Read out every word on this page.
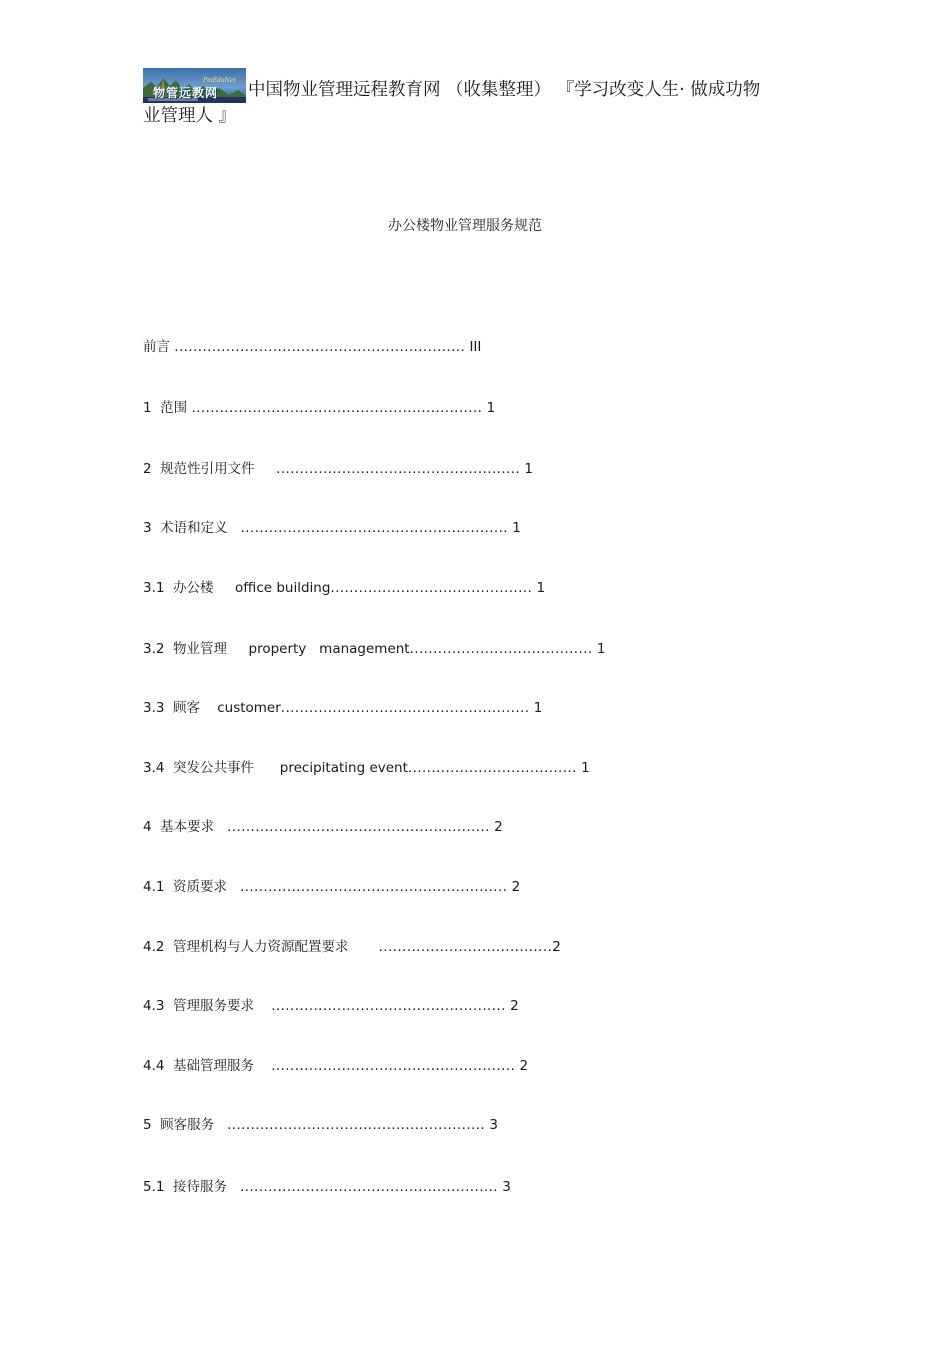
物管远教网
PmEduNet 中国物业管理远程教育网 （收集整理） 『学习改变人生· 做成功物
业管理人 』
办公楼物业管理服务规范
前言 .............................................................. III
1  范围 .............................................................. 1
2  规范性引用文件     .................................................... 1
3  术语和定义   ......................................................... 1
3.1  办公楼     office building........................................... 1
3.2  物业管理     property   management....................................... 1
3.3  顾客    customer..................................................... 1
3.4  突发公共事件      precipitating event.................................... 1
4  基本要求   ........................................................ 2
4.1  资质要求   ......................................................... 2
4.2  管理机构与人力资源配置要求       .....................................2
4.3  管理服务要求    .................................................. 2
4.4  基础管理服务    .................................................... 2
5  顾客服务   ....................................................... 3
5.1  接待服务   ....................................................... 3
